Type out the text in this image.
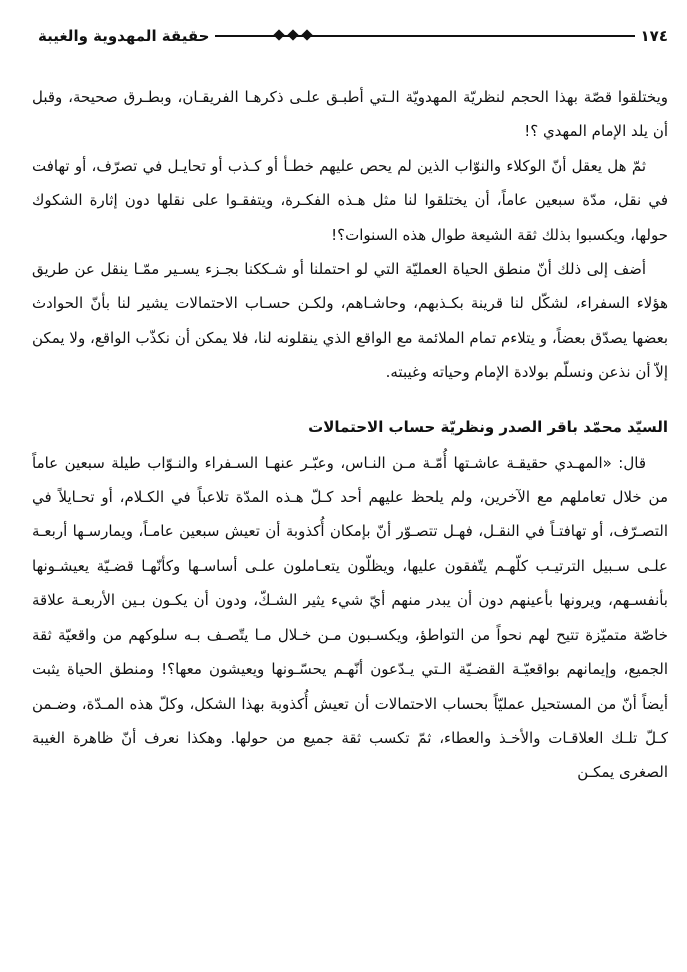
١٧٤
حقيقة المهدوية والغيبة

ويختلقوا قصّة بهذا الحجم لنظريّة المهدويّة الـتي أطبـق علـى ذكرهـا الفريقـان، وبطـرق صحيحة، وقبل أن يلد الإمام المهدي ؟!

ثمّ هل يعقل أنّ الوكلاء والنوّاب الذين لم يحص عليهم خطـأ أو كـذب أو تحايـل في تصرّف، أو تهافت في نقل، مدّة سبعين عاماً، أن يختلقوا لنا مثل هـذه الفكـرة، ويتفقـوا على نقلها دون إثارة الشكوك حولها، ويكسبوا بذلك ثقة الشيعة طوال هذه السنوات؟!

أضف إلى ذلك أنّ منطق الحياة العمليّة التي لو احتملنا أو شـككنا بجـزء يسـير ممّـا ينقل عن طريق هؤلاء السفراء، لشكّل لنا قرينة بكـذبهم، وحاشـاهم، ولكـن حسـاب الاحتمالات يشير لنا بأنّ الحوادث بعضها يصدّق بعضاً، و يتلاءم تمام الملائمة مع الواقع الذي ينقلونه لنا، فلا يمكن أن نكذّب الواقع، ولا يمكن إلاّ أن نذعن ونسلّم بولادة الإمام وحياته وغيبته.

السيّد محمّد باقر الصدر ونظريّة حساب الاحتمالات

قال: «المهـدي حقيقـة عاشـتها أُمّـة مـن النـاس، وعبّـر عنهـا السـفراء والنـوّاب طيلة سبعين عاماً من خلال تعاملهم مع الآخرين، ولم يلحظ عليهم أحد كـلّ هـذه المدّة تلاعباً في الكـلام، أو تحـايلاً في التصـرّف، أو تهافتـاً في النقـل، فهـل تتصـوّر أنّ بإمكان أُكذوبة أن تعيش سبعين عامـاً، ويمارسـها أربعـة علـى سـبيل الترتيـب كلّهـم يتّفقون عليها، ويظلّون يتعـاملون علـى أساسـها وكأنّهـا قضـيّة يعيشـونها بأنفسـهم، ويرونها بأعينهم دون أن يبدر منهم أيّ شيء يثير الشـكّ، ودون أن يكـون بـين الأربعـة علاقة خاصّة متميّزة تتيح لهم نحواً من التواطؤ، ويكسـبون مـن خـلال مـا يتّصـف بـه سلوكهم من واقعيّة ثقة الجميع، وإيمانهم بواقعيّـة القضـيّة الـتي يـدّعون أنّهـم يحسّـونها ويعيشون معها؟! ومنطق الحياة يثبت أيضاً أنّ من المستحيل عمليّاً بحساب الاحتمالات أن تعيش أُكذوبة بهذا الشكل، وكلّ هذه المـدّة، وضـمن كـلّ تلـك العلاقـات والأخـذ والعطاء، ثمّ تكسب ثقة جميع من حولها. وهكذا نعرف أنّ ظاهرة الغيبة الصغرى يمكـن
